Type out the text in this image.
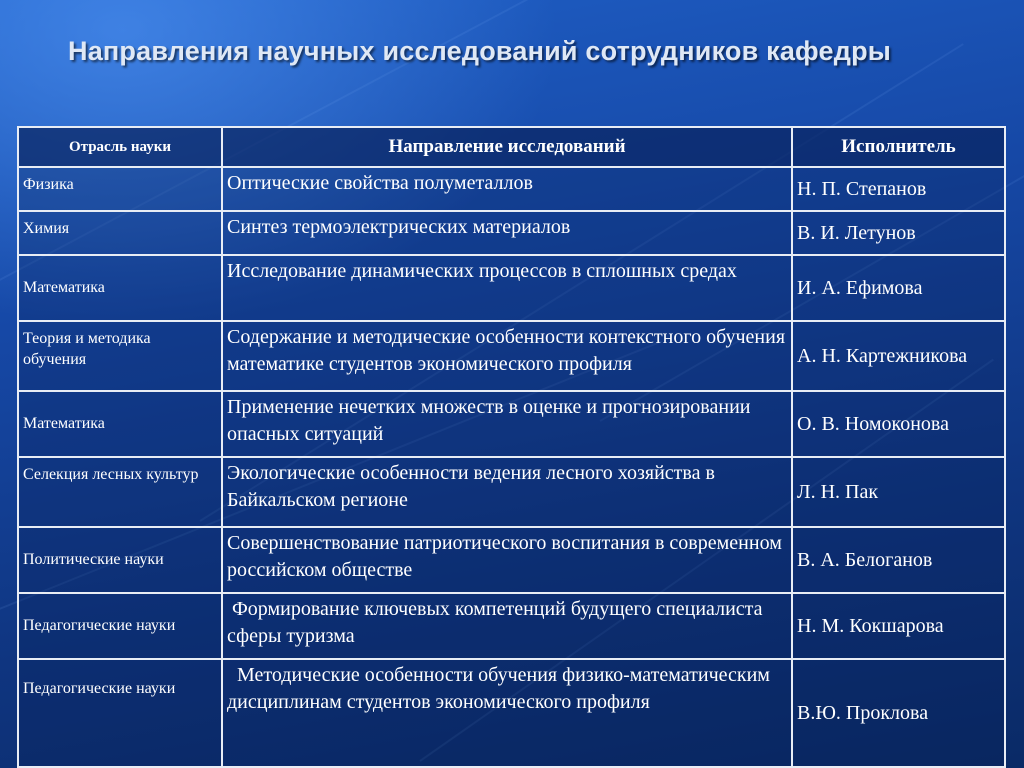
Направления научных исследований сотрудников кафедры
Отрасль науки	Направление исследований	Исполнитель
Физика	Оптические свойства полуметаллов	Н. П. Степанов
Химия	Синтез термоэлектрических материалов	В. И. Летунов
Математика	Исследование динамических процессов в сплошных средах	И. А. Ефимова
Теория и методика обучения	Содержание и методические особенности контекстного обучения математике студентов экономического профиля	А. Н. Картежникова
Математика	Применение нечетких множеств в оценке и прогнозировании опасных ситуаций	О. В. Номоконова
Селекция лесных культур	Экологические особенности ведения лесного хозяйства в Байкальском регионе	Л. Н. Пак
Политические науки	Совершенствование патриотического воспитания в современном российском обществе	В. А. Белоганов
Педагогические науки	Формирование ключевых компетенций будущего специалиста сферы туризма	Н. М. Кокшарова
Педагогические науки	Методические особенности обучения физико-математическим дисциплинам студентов экономического профиля	В.Ю. Проклова
